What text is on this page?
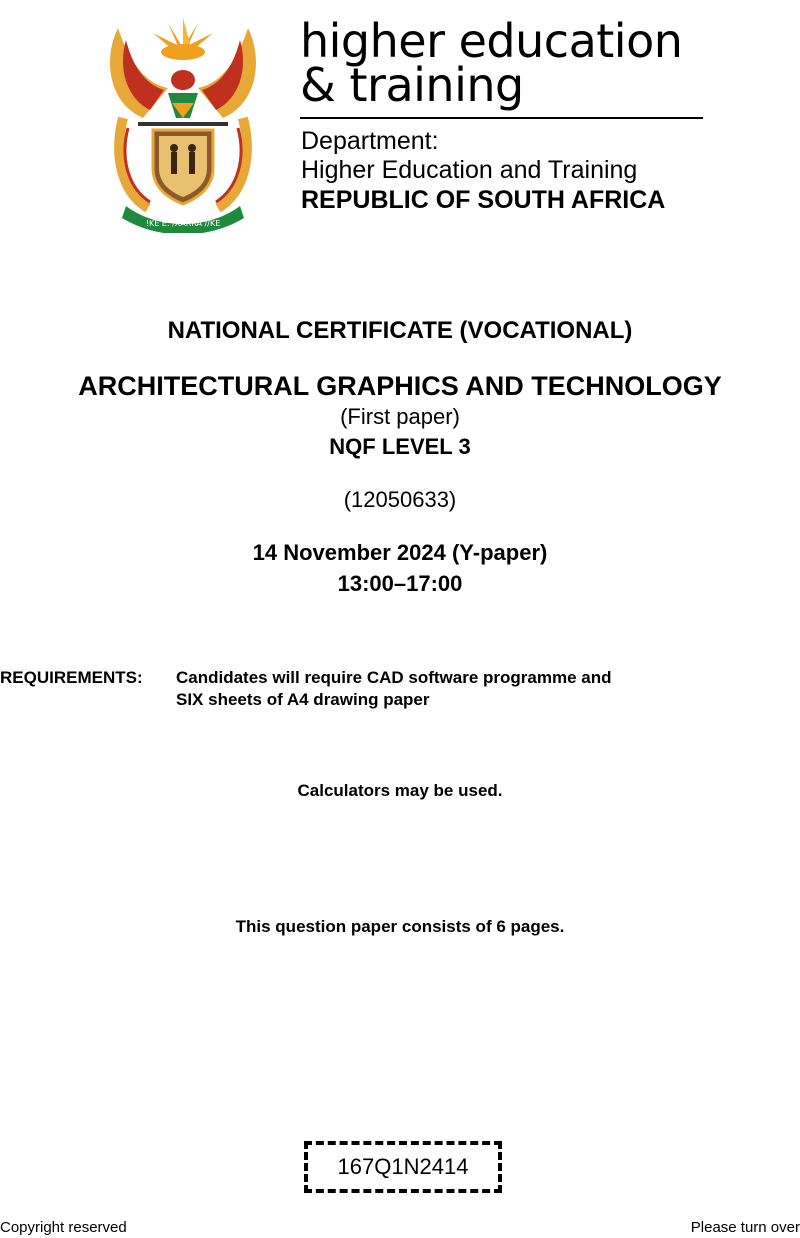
!KE E: /XARRA //KE
higher education
& training
Department:
Higher Education and Training
REPUBLIC OF SOUTH AFRICA
NATIONAL CERTIFICATE (VOCATIONAL)
ARCHITECTURAL GRAPHICS AND TECHNOLOGY
(First paper)
NQF LEVEL 3
(12050633)
14 November 2024 (Y-paper)
13:00–17:00
REQUIREMENTS: Candidates will require CAD software programme and
SIX sheets of A4 drawing paper
Calculators may be used.
This question paper consists of 6 pages.
167Q1N2414
Copyright reserved	Please turn over
